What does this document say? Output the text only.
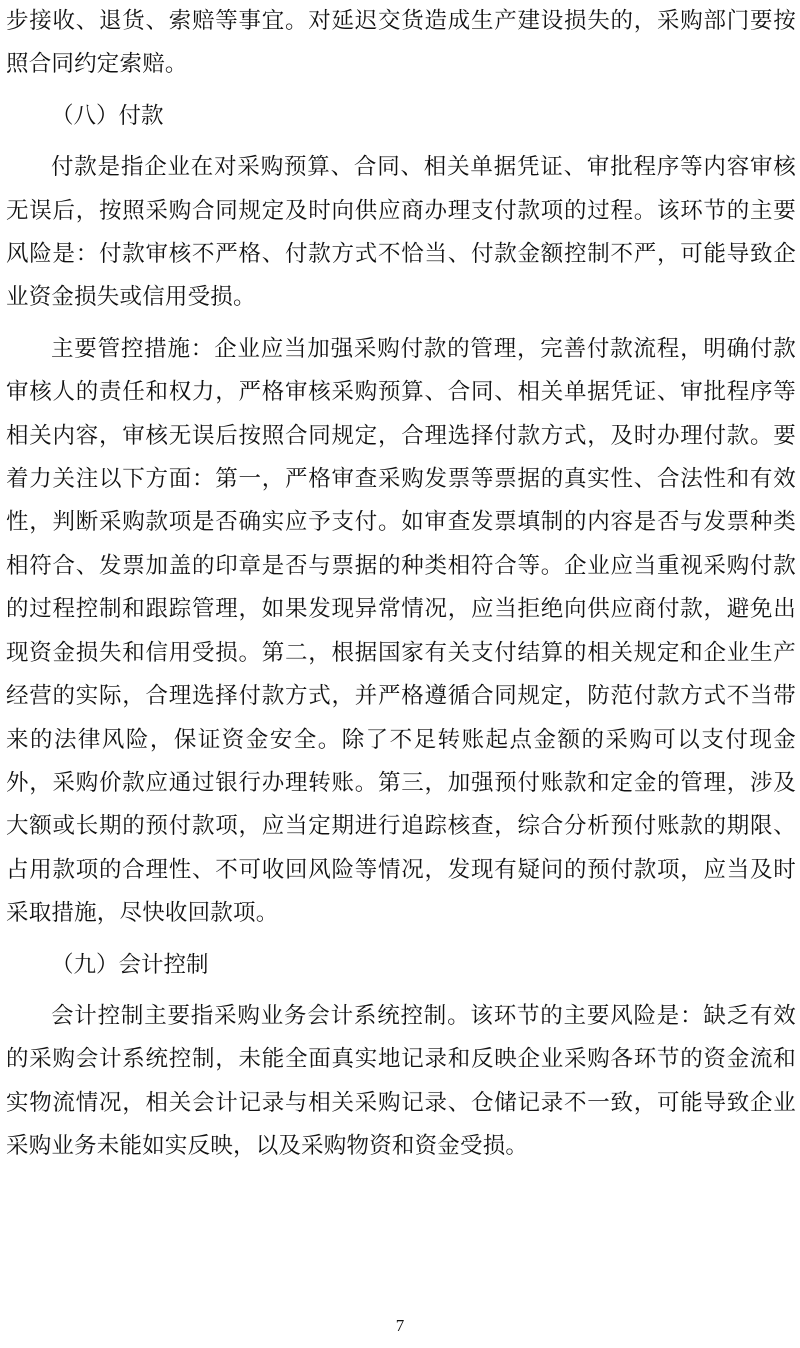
步接收、退货、索赔等事宜。对延迟交货造成生产建设损失的，采购部门要按照合同约定索赔。

（八）付款

付款是指企业在对采购预算、合同、相关单据凭证、审批程序等内容审核无误后，按照采购合同规定及时向供应商办理支付款项的过程。该环节的主要风险是：付款审核不严格、付款方式不恰当、付款金额控制不严，可能导致企业资金损失或信用受损。

主要管控措施：企业应当加强采购付款的管理，完善付款流程，明确付款审核人的责任和权力，严格审核采购预算、合同、相关单据凭证、审批程序等相关内容，审核无误后按照合同规定，合理选择付款方式，及时办理付款。要着力关注以下方面：第一，严格审查采购发票等票据的真实性、合法性和有效性，判断采购款项是否确实应予支付。如审查发票填制的内容是否与发票种类相符合、发票加盖的印章是否与票据的种类相符合等。企业应当重视采购付款的过程控制和跟踪管理，如果发现异常情况，应当拒绝向供应商付款，避免出现资金损失和信用受损。第二，根据国家有关支付结算的相关规定和企业生产经营的实际，合理选择付款方式，并严格遵循合同规定，防范付款方式不当带来的法律风险，保证资金安全。除了不足转账起点金额的采购可以支付现金外，采购价款应通过银行办理转账。第三，加强预付账款和定金的管理，涉及大额或长期的预付款项，应当定期进行追踪核查，综合分析预付账款的期限、占用款项的合理性、不可收回风险等情况，发现有疑问的预付款项，应当及时采取措施，尽快收回款项。

（九）会计控制

会计控制主要指采购业务会计系统控制。该环节的主要风险是：缺乏有效的采购会计系统控制，未能全面真实地记录和反映企业采购各环节的资金流和实物流情况，相关会计记录与相关采购记录、仓储记录不一致，可能导致企业采购业务未能如实反映，以及采购物资和资金受损。

7
